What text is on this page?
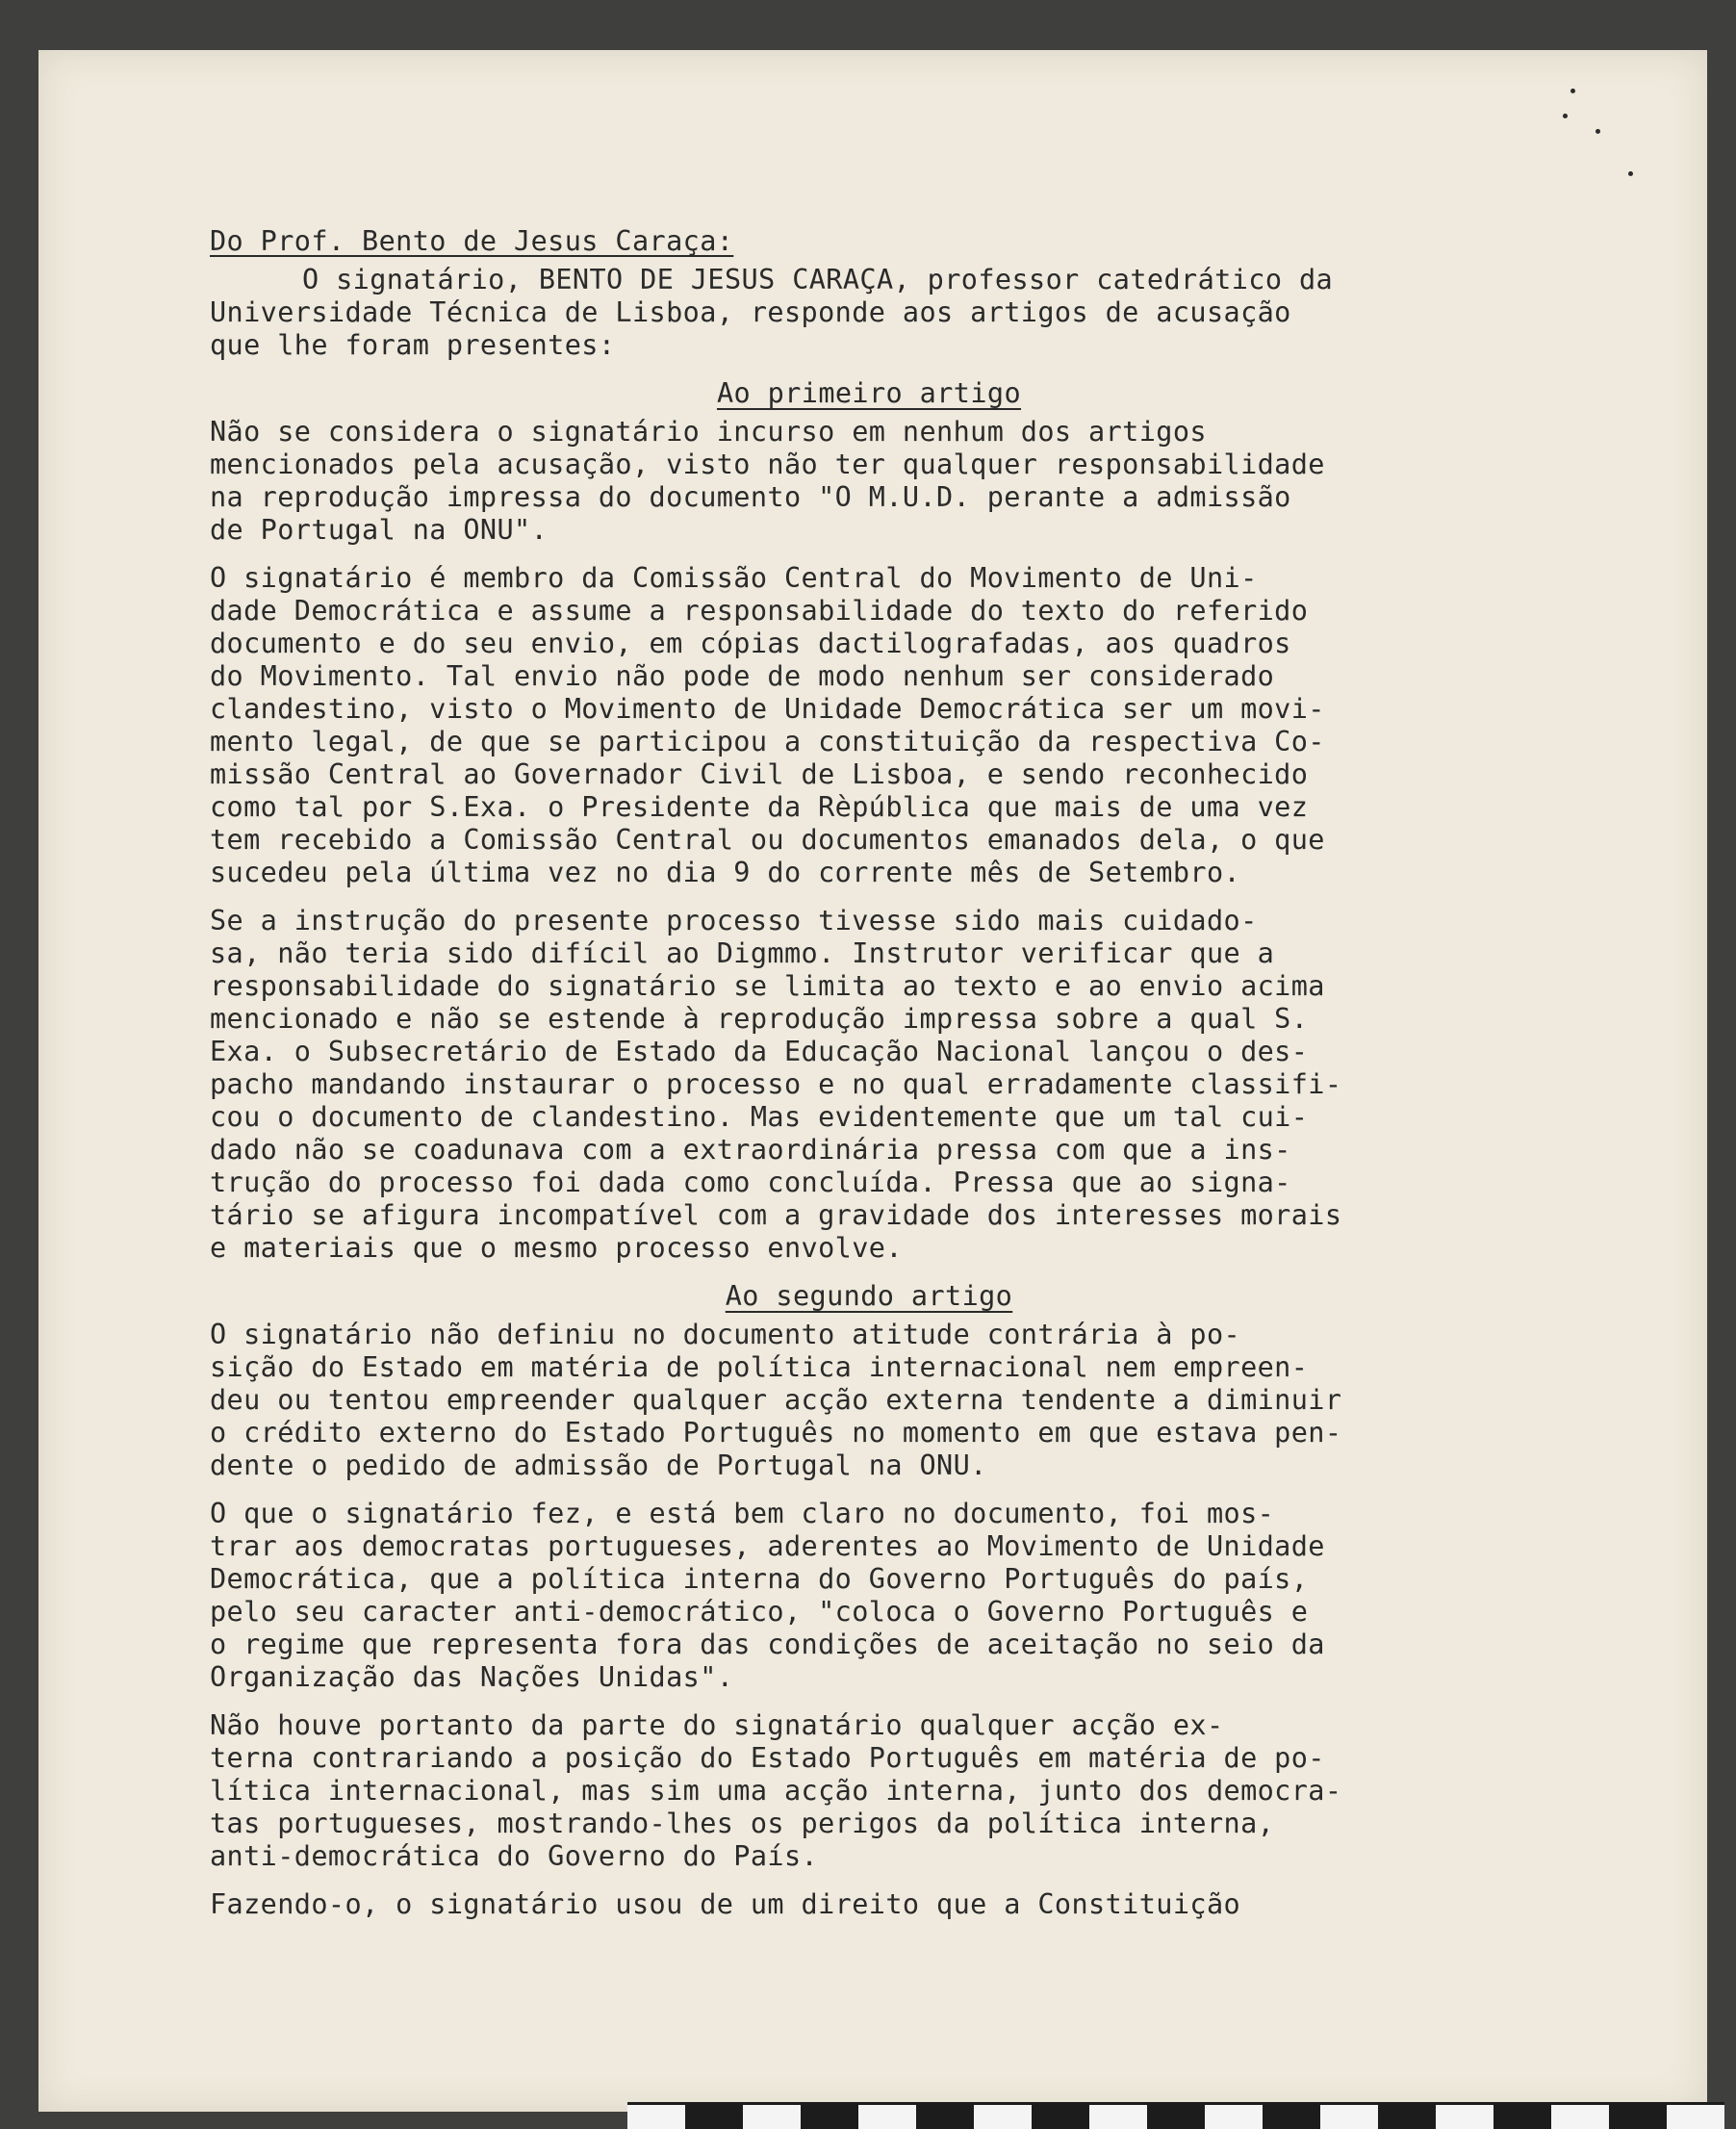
Do Prof. Bento de Jesus Caraça:
O signatário, BENTO DE JESUS CARAÇA, professor catedrático da
Universidade Técnica de Lisboa, responde aos artigos de acusação
que lhe foram presentes:
Ao primeiro artigo
Não se considera o signatário incurso em nenhum dos artigos
mencionados pela acusação, visto não ter qualquer responsabilidade
na reprodução impressa do documento "O M.U.D. perante a admissão
de Portugal na ONU".
O signatário é membro da Comissão Central do Movimento de Uni-
dade Democrática e assume a responsabilidade do texto do referido
documento e do seu envio, em cópias dactilografadas, aos quadros
do Movimento. Tal envio não pode de modo nenhum ser considerado
clandestino, visto o Movimento de Unidade Democrática ser um movi-
mento legal, de que se participou a constituição da respectiva Co-
missão Central ao Governador Civil de Lisboa, e sendo reconhecido
como tal por S.Exa. o Presidente da Rèpública que mais de uma vez
tem recebido a Comissão Central ou documentos emanados dela, o que
sucedeu pela última vez no dia 9 do corrente mês de Setembro.
Se a instrução do presente processo tivesse sido mais cuidado-
sa, não teria sido difícil ao Digmmo. Instrutor verificar que a
responsabilidade do signatário se limita ao texto e ao envio acima
mencionado e não se estende à reprodução impressa sobre a qual S.
Exa. o Subsecretário de Estado da Educação Nacional lançou o des-
pacho mandando instaurar o processo e no qual erradamente classifi-
cou o documento de clandestino. Mas evidentemente que um tal cui-
dado não se coadunava com a extraordinária pressa com que a ins-
trução do processo foi dada como concluída. Pressa que ao signa-
tário se afigura incompatível com a gravidade dos interesses morais
e materiais que o mesmo processo envolve.
Ao segundo artigo
O signatário não definiu no documento atitude contrária à po-
sição do Estado em matéria de política internacional nem empreen-
deu ou tentou empreender qualquer acção externa tendente a diminuir
o crédito externo do Estado Português no momento em que estava pen-
dente o pedido de admissão de Portugal na ONU.
O que o signatário fez, e está bem claro no documento, foi mos-
trar aos democratas portugueses, aderentes ao Movimento de Unidade
Democrática, que a política interna do Governo Português do país,
pelo seu caracter anti-democrático, "coloca o Governo Português e
o regime que representa fora das condições de aceitação no seio da
Organização das Nações Unidas".
Não houve portanto da parte do signatário qualquer acção ex-
terna contrariando a posição do Estado Português em matéria de po-
lítica internacional, mas sim uma acção interna, junto dos democra-
tas portugueses, mostrando-lhes os perigos da política interna,
anti-democrática do Governo do País.
Fazendo-o, o signatário usou de um direito que a Constituição
